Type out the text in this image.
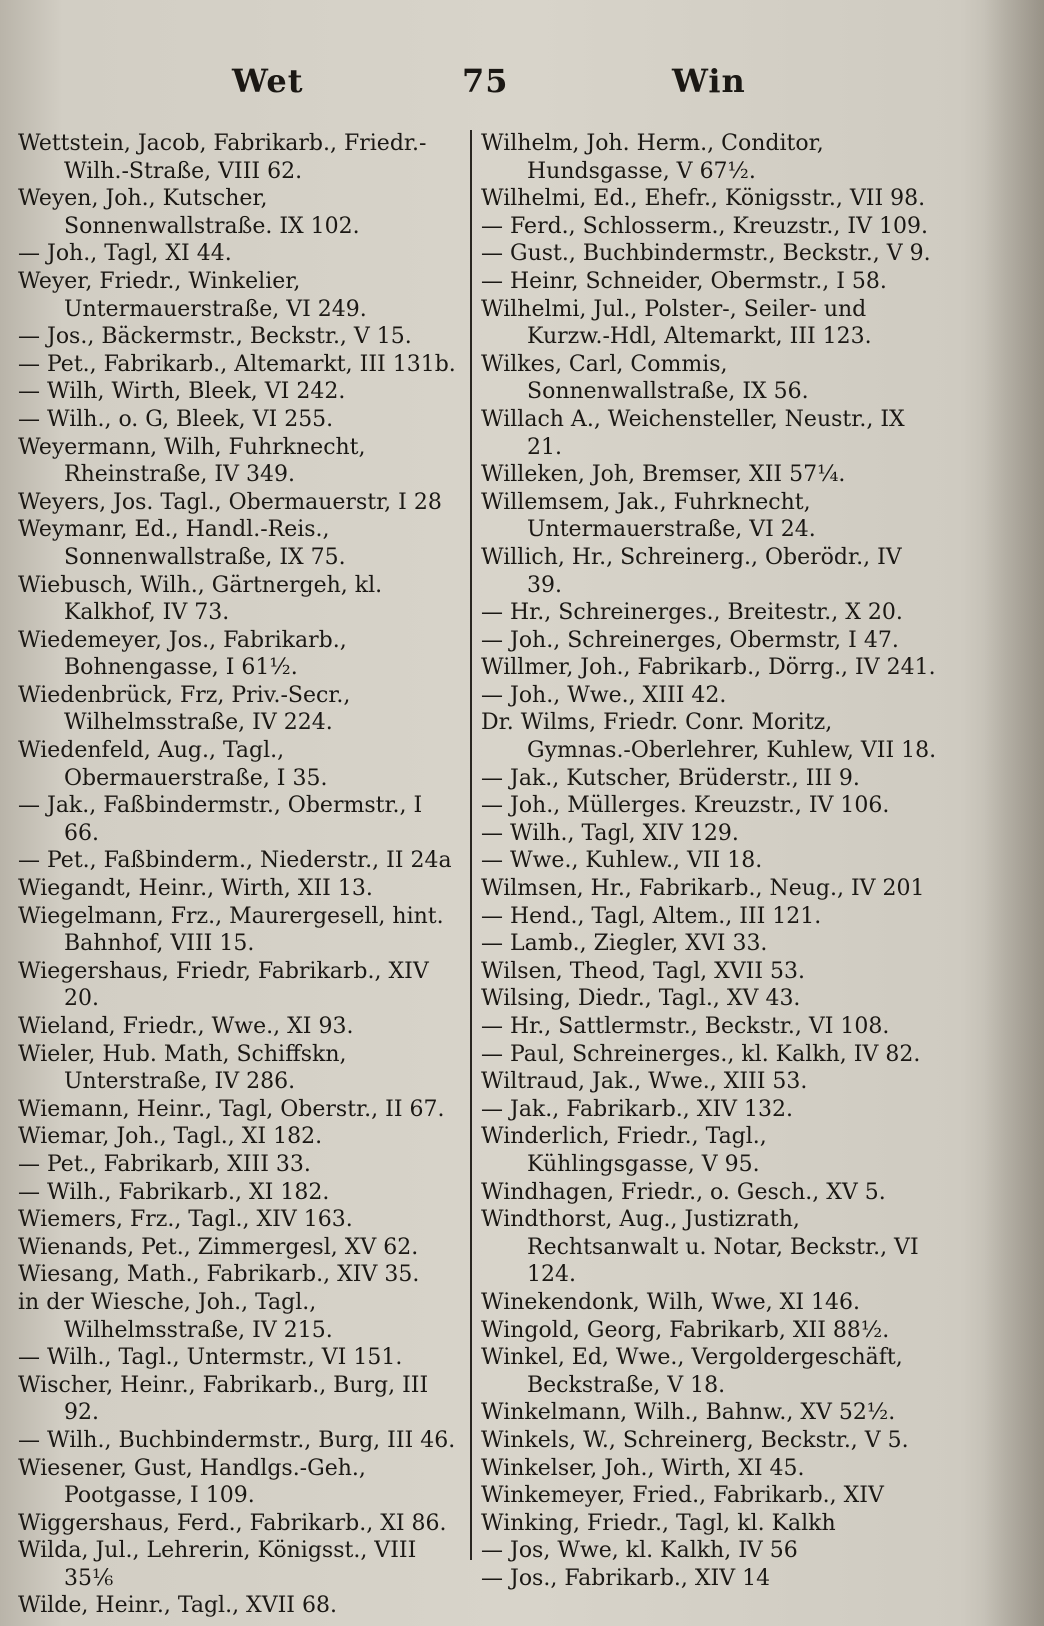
Wet	75	Win

Wettstein, Jacob, Fabrikarb., Friedr.-Wilh.-Straße, VIII 62.

Weyen, Joh., Kutscher, Sonnenwallstraße. IX 102.

— Joh., Tagl, XI 44.

Weyer, Friedr., Winkelier, Untermauerstraße, VI 249.

— Jos., Bäckermstr., Beckstr., V 15.

— Pet., Fabrikarb., Altemarkt, III 131b.

— Wilh, Wirth, Bleek, VI 242.

— Wilh., o. G, Bleek, VI 255.

Weyermann, Wilh, Fuhrknecht, Rheinstraße, IV 349.

Weyers, Jos. Tagl., Obermauerstr, I 28

Weymanr, Ed., Handl.-Reis., Sonnenwallstraße, IX 75.

Wiebusch, Wilh., Gärtnergeh, kl. Kalkhof, IV 73.

Wiedemeyer, Jos., Fabrikarb., Bohnengasse, I 61½.

Wiedenbrück, Frz, Priv.-Secr., Wilhelmsstraße, IV 224.

Wiedenfeld, Aug., Tagl., Obermauerstraße, I 35.

— Jak., Faßbindermstr., Obermstr., I 66.

— Pet., Faßbinderm., Niederstr., II 24a

Wiegandt, Heinr., Wirth, XII 13.

Wiegelmann, Frz., Maurergesell, hint. Bahnhof, VIII 15.

Wiegershaus, Friedr, Fabrikarb., XIV 20.

Wieland, Friedr., Wwe., XI 93.

Wieler, Hub. Math, Schiffskn, Unterstraße, IV 286.

Wiemann, Heinr., Tagl, Oberstr., II 67.

Wiemar, Joh., Tagl., XI 182.

— Pet., Fabrikarb, XIII 33.

— Wilh., Fabrikarb., XI 182.

Wiemers, Frz., Tagl., XIV 163.

Wienands, Pet., Zimmergesl, XV 62.

Wiesang, Math., Fabrikarb., XIV 35.

in der Wiesche, Joh., Tagl., Wilhelmsstraße, IV 215.

— Wilh., Tagl., Untermstr., VI 151.

Wischer, Heinr., Fabrikarb., Burg, III 92.

— Wilh., Buchbindermstr., Burg, III 46.

Wiesener, Gust, Handlgs.-Geh., Pootgasse, I 109.

Wiggershaus, Ferd., Fabrikarb., XI 86.

Wilda, Jul., Lehrerin, Königsst., VIII 35⅙

Wilde, Heinr., Tagl., XVII 68.

Wilhelm, Joh. Herm., Conditor, Hundsgasse, V 67½.

Wilhelmi, Ed., Ehefr., Königsstr., VII 98.

— Ferd., Schlosserm., Kreuzstr., IV 109.

— Gust., Buchbindermstr., Beckstr., V 9.

— Heinr, Schneider, Obermstr., I 58.

Wilhelmi, Jul., Polster-, Seiler- und Kurzw.-Hdl, Altemarkt, III 123.

Wilkes, Carl, Commis, Sonnenwallstraße, IX 56.

Willach A., Weichensteller, Neustr., IX 21.

Willeken, Joh, Bremser, XII 57¼.

Willemsem, Jak., Fuhrknecht, Untermauerstraße, VI 24.

Willich, Hr., Schreinerg., Oberödr., IV 39.

— Hr., Schreinerges., Breitestr., X 20.

— Joh., Schreinerges, Obermstr, I 47.

Willmer, Joh., Fabrikarb., Dörrg., IV 241.

— Joh., Wwe., XIII 42.

Dr. Wilms, Friedr. Conr. Moritz, Gymnas.-Oberlehrer, Kuhlew, VII 18.

— Jak., Kutscher, Brüderstr., III 9.

— Joh., Müllerges. Kreuzstr., IV 106.

— Wilh., Tagl, XIV 129.

— Wwe., Kuhlew., VII 18.

Wilmsen, Hr., Fabrikarb., Neug., IV 201

— Hend., Tagl, Altem., III 121.

— Lamb., Ziegler, XVI 33.

Wilsen, Theod, Tagl, XVII 53.

Wilsing, Diedr., Tagl., XV 43.

— Hr., Sattlermstr., Beckstr., VI 108.

— Paul, Schreinerges., kl. Kalkh, IV 82.

Wiltraud, Jak., Wwe., XIII 53.

— Jak., Fabrikarb., XIV 132.

Winderlich, Friedr., Tagl., Kühlingsgasse, V 95.

Windhagen, Friedr., o. Gesch., XV 5.

Windthorst, Aug., Justizrath, Rechtsanwalt u. Notar, Beckstr., VI 124.

Winekendonk, Wilh, Wwe, XI 146.

Wingold, Georg, Fabrikarb, XII 88½.

Winkel, Ed, Wwe., Vergoldergeschäft, Beckstraße, V 18.

Winkelmann, Wilh., Bahnw., XV 52½.

Winkels, W., Schreinerg, Beckstr., V 5.

Winkelser, Joh., Wirth, XI 45.

Winkemeyer, Fried., Fabrikarb., XIV

Winking, Friedr., Tagl, kl. Kalkh

— Jos, Wwe, kl. Kalkh, IV 56

— Jos., Fabrikarb., XIV 14
